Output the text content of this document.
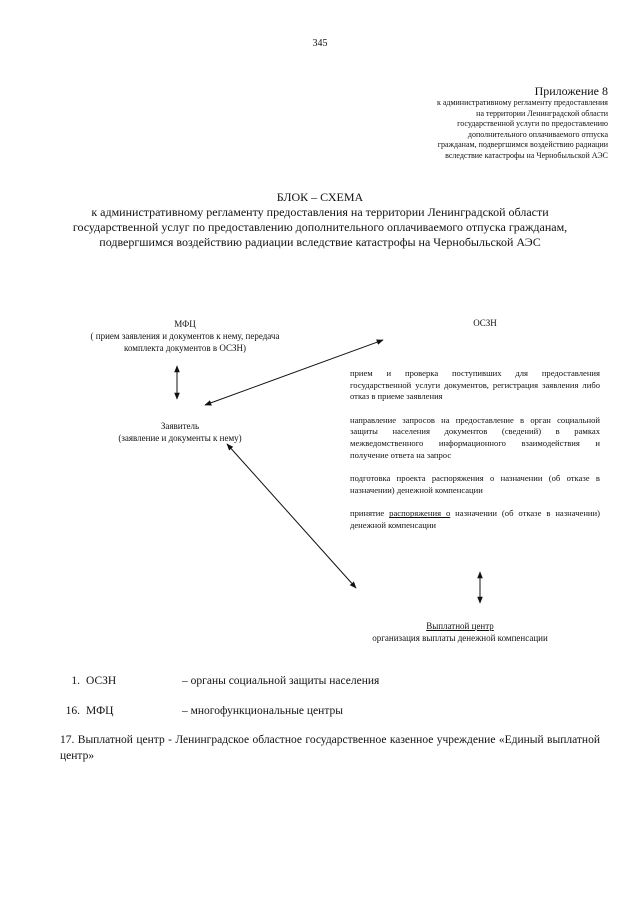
345
Приложение 8
к административному регламенту предоставления
на территории Ленинградской области
государственной услуги по предоставлению
дополнительного оплачиваемого отпуска
гражданам, подвергшимся воздействию радиации
вследствие катастрофы на Чернобыльской АЭС
БЛОК – СХЕМА
к административному регламенту предоставления на территории Ленинградской области
государственной услуг по предоставлению дополнительного оплачиваемого отпуска гражданам,
подвергшимся воздействию радиации вследствие катастрофы на Чернобыльской АЭС
МФЦ
( прием заявления и документов к нему, передача
комплекта документов в ОСЗН)
ОСЗН
Заявитель
(заявление и документы к нему)

прием и проверка поступивших для предоставления государственной услуги документов, регистрация заявления либо отказ в приеме заявления

направление запросов на предоставление в орган социальной защиты населения документов (сведений) в рамках межведомственного информационного взаимодействия и получение ответа на запрос

подготовка проекта распоряжения о назначении (об отказе в назначении) денежной компенсации

принятие распоряжения о назначении (об отказе в назначении) денежной компенсации

Выплатной центр
организация выплаты денежной компенсации
1. ОСЗН	– органы социальной защиты населения
16. МФЦ	– многофункциональные центры
17. Выплатной центр - Ленинградское областное государственное казенное учреждение «Единый выплатной центр»
